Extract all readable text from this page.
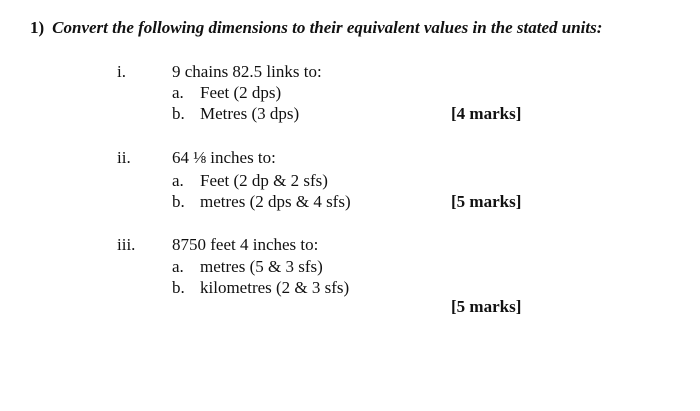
1) Convert the following dimensions to their equivalent values in the stated units:
i.	9 chains 82.5 links to:
a. Feet (2 dps)
b. Metres (3 dps)	[4 marks]
ii. 64 ⅛ inches to:
a. Feet (2 dp & 2 sfs)
b. metres (2 dps & 4 sfs)	[5 marks]
iii. 8750 feet 4 inches to:
a. metres (5 & 3 sfs)
b. kilometres (2 & 3 sfs)
[5 marks]
